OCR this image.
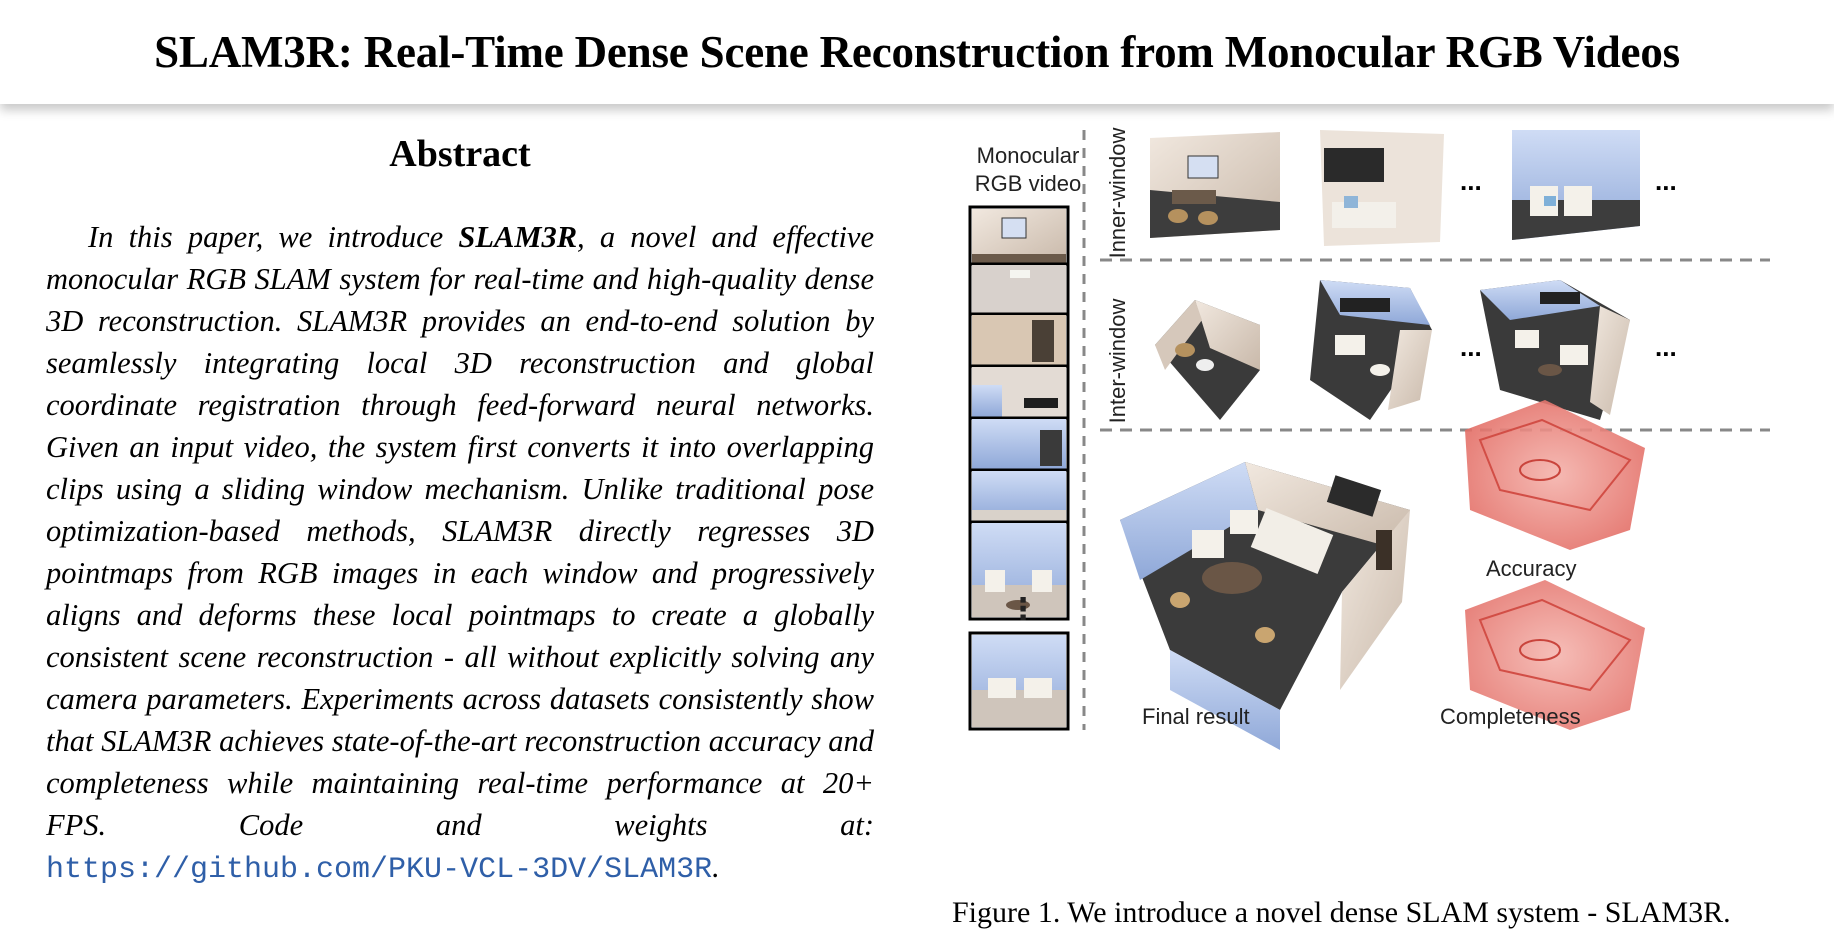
SLAM3R: Real-Time Dense Scene Reconstruction from Monocular RGB Videos
Abstract

In this paper, we introduce SLAM3R, a novel and effective monocular RGB SLAM system for real-time and high-quality dense 3D reconstruction. SLAM3R provides an end-to-end solution by seamlessly integrating local 3D reconstruction and global coordinate registration through feed-forward neural networks. Given an input video, the system first converts it into overlapping clips using a sliding window mechanism. Unlike traditional pose optimization-based methods, SLAM3R directly regresses 3D pointmaps from RGB images in each window and progressively aligns and deforms these local pointmaps to create a globally consistent scene reconstruction - all without explicitly solving any camera parameters. Experiments across datasets consistently show that SLAM3R achieves state-of-the-art reconstruction accuracy and completeness while maintaining real-time performance at 20+ FPS. Code and weights at: https://github.com/PKU-VCL-3DV/SLAM3R.

Monocular
RGB video	...	...
...	...
⋮
Inner-window
Inter-window
Final result
Accuracy
Completeness
Figure 1. We introduce a novel dense SLAM system - SLAM3R.
